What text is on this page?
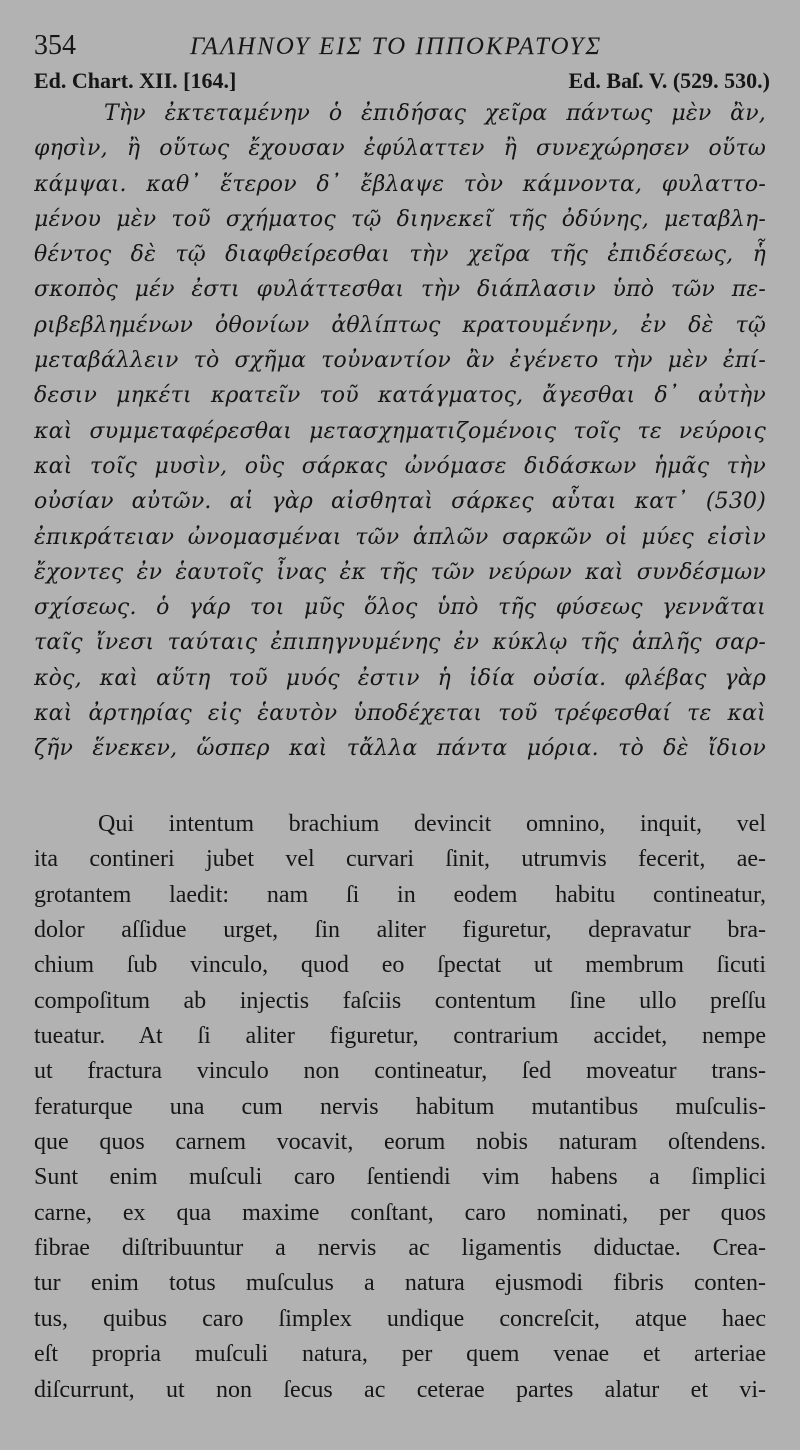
354	ΓΑΛΗΝΟΥ ΕΙΣ ΤΟ ΙΠΠΟΚΡΑΤΟΥΣ
Ed. Chart. XII. [164.]	Ed. Baſ. V. (529. 530.)
Τὴν ἐκτεταμένην ὁ ἐπιδήσας χεῖρα πάντως μὲν ἂν,
φησὶν, ἢ οὕτως ἔχουσαν ἐφύλαττεν ἢ συνεχώρησεν οὕτω
κάμψαι. καθ᾽ ἕτερον δ᾽ ἔβλαψε τὸν κάμνοντα, φυλαττο-
μένου μὲν τοῦ σχήματος τῷ διηνεκεῖ τῆς ὀδύνης, μεταβλη-
θέντος δὲ τῷ διαφθείρεσθαι τὴν χεῖρα τῆς ἐπιδέσεως, ἧ
σκοπὸς μέν ἐστι φυλάττεσθαι τὴν διάπλασιν ὑπὸ τῶν πε-
ριβεβλημένων ὀθονίων ἀθλίπτως κρατουμένην, ἐν δὲ τῷ
μεταβάλλειν τὸ σχῆμα τοὐναντίον ἂν ἐγένετο τὴν μὲν ἐπί-
δεσιν μηκέτι κρατεῖν τοῦ κατάγματος, ἄγεσθαι δ᾽ αὐτὴν
καὶ συμμεταφέρεσθαι μετασχηματιζομένοις τοῖς τε νεύροις
καὶ τοῖς μυσὶν, οὓς σάρκας ὠνόμασε διδάσκων ἡμᾶς τὴν
οὐσίαν αὐτῶν. αἱ γὰρ αἰσθηταὶ σάρκες αὗται κατ᾽ (530)
ἐπικράτειαν ὠνομασμέναι τῶν ἁπλῶν σαρκῶν οἱ μύες εἰσὶν
ἔχοντες ἐν ἑαυτοῖς ἶνας ἐκ τῆς τῶν νεύρων καὶ συνδέσμων
σχίσεως. ὁ γάρ τοι μῦς ὅλος ὑπὸ τῆς φύσεως γεννᾶται
ταῖς ἴνεσι ταύταις ἐπιπηγνυμένης ἐν κύκλῳ τῆς ἁπλῆς σαρ-
κὸς, καὶ αὕτη τοῦ μυός ἐστιν ἡ ἰδία οὐσία. φλέβας γὰρ
καὶ ἀρτηρίας εἰς ἑαυτὸν ὑποδέχεται τοῦ τρέφεσθαί τε καὶ
ζῆν ἕνεκεν, ὥσπερ καὶ τἄλλα πάντα μόρια. τὸ δὲ ἴδιον
Qui intentum brachium devincit omnino, inquit, vel
ita contineri jubet vel curvari ſinit, utrumvis fecerit, ae-
grotantem laedit: nam ſi in eodem habitu contineatur,
dolor aſſidue urget, ſin aliter figuretur, depravatur bra-
chium ſub vinculo, quod eo ſpectat ut membrum ſicuti
compoſitum ab injectis faſciis contentum ſine ullo preſſu
tueatur. At ſi aliter figuretur, contrarium accidet, nempe
ut fractura vinculo non contineatur, ſed moveatur trans-
feraturque una cum nervis habitum mutantibus muſculis-
que quos carnem vocavit, eorum nobis naturam oſtendens.
Sunt enim muſculi caro ſentiendi vim habens a ſimplici
carne, ex qua maxime conſtant, caro nominati, per quos
fibrae diſtribuuntur a nervis ac ligamentis diductae. Crea-
tur enim totus muſculus a natura ejusmodi fibris conten-
tus, quibus caro ſimplex undique concreſcit, atque haec
eſt propria muſculi natura, per quem venae et arteriae
diſcurrunt, ut non ſecus ac ceterae partes alatur et vi-
